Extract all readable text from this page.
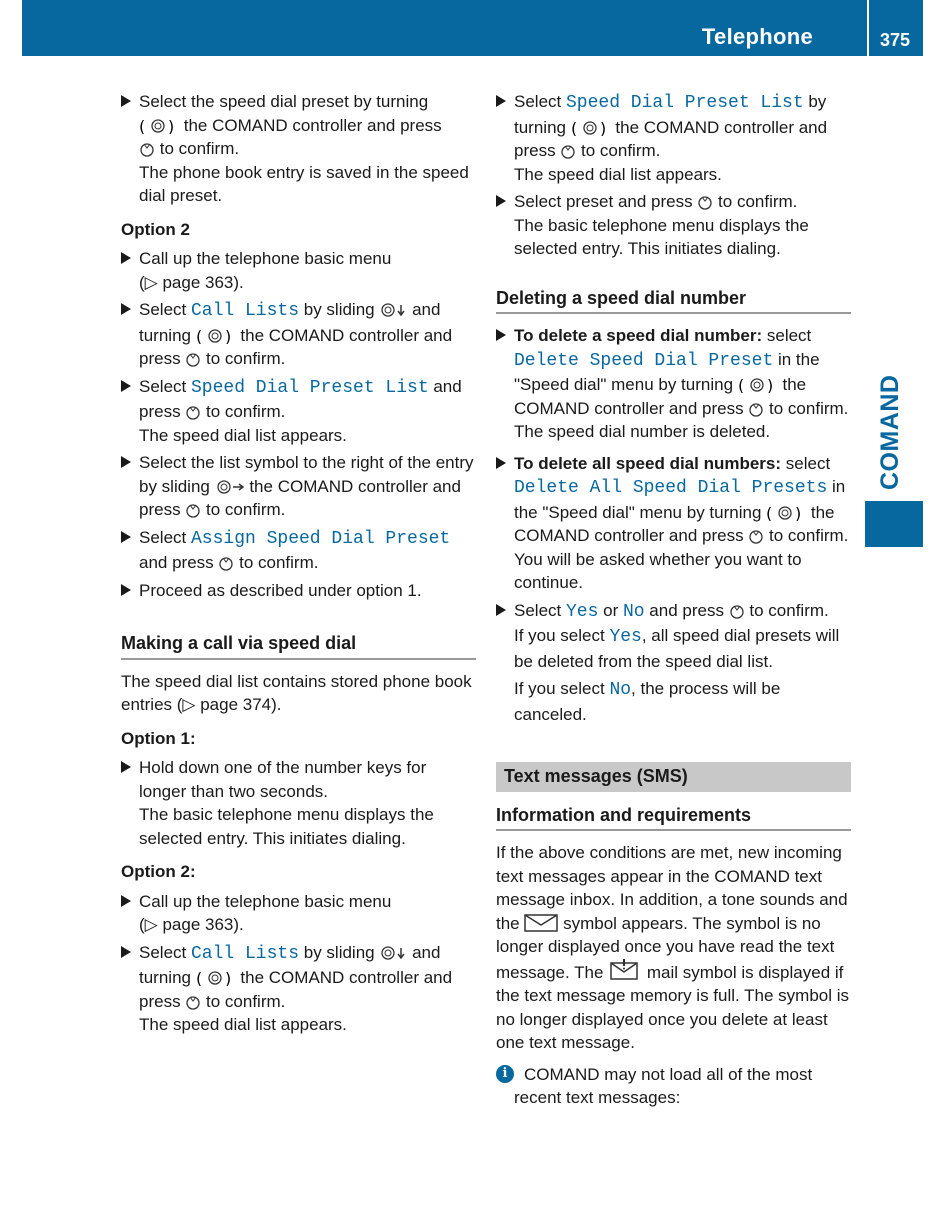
Telephone	375
COMAND
Select the speed dial preset by turning

( ) the COMAND controller and press
to confirm.
The phone book entry is saved in the speed dial preset.
Option 2
Call up the telephone basic menu
(▷ page 363).
Select Call Lists by sliding  and turning ( ) the COMAND controller and press  to confirm.
Select Speed Dial Preset List and press  to confirm.
The speed dial list appears.
Select the list symbol to the right of the entry by sliding  the COMAND controller and press  to confirm.
Select Assign Speed Dial Preset and press  to confirm.
Proceed as described under option 1.
Making a call via speed dial
The speed dial list contains stored phone book entries (▷ page 374).
Option 1:
Hold down one of the number keys for longer than two seconds.
The basic telephone menu displays the selected entry. This initiates dialing.
Option 2:
Call up the telephone basic menu
(▷ page 363).
Select Call Lists by sliding  and turning ( ) the COMAND controller and press  to confirm.
The speed dial list appears.
Select Speed Dial Preset List by turning ( ) the COMAND controller and press  to confirm.
The speed dial list appears.
Select preset and press  to confirm.
The basic telephone menu displays the selected entry. This initiates dialing.
Deleting a speed dial number
To delete a speed dial number: select Delete Speed Dial Preset in the "Speed dial" menu by turning ( ) the COMAND controller and press  to confirm.
The speed dial number is deleted.
To delete all speed dial numbers: select Delete All Speed Dial Presets in the "Speed dial" menu by turning ( ) the COMAND controller and press  to confirm.
You will be asked whether you want to continue.
Select Yes or No and press  to confirm.
If you select Yes, all speed dial presets will be deleted from the speed dial list.
If you select No, the process will be canceled.
Text messages (SMS)
Information and requirements
If the above conditions are met, new incoming text messages appear in the COMAND text message inbox. In addition, a tone sounds and the  symbol appears. The symbol is no longer displayed once you have read the text message. The  mail symbol is displayed if the text message memory is full. The symbol is no longer displayed once you delete at least one text message.
i COMAND may not load all of the most recent text messages:
